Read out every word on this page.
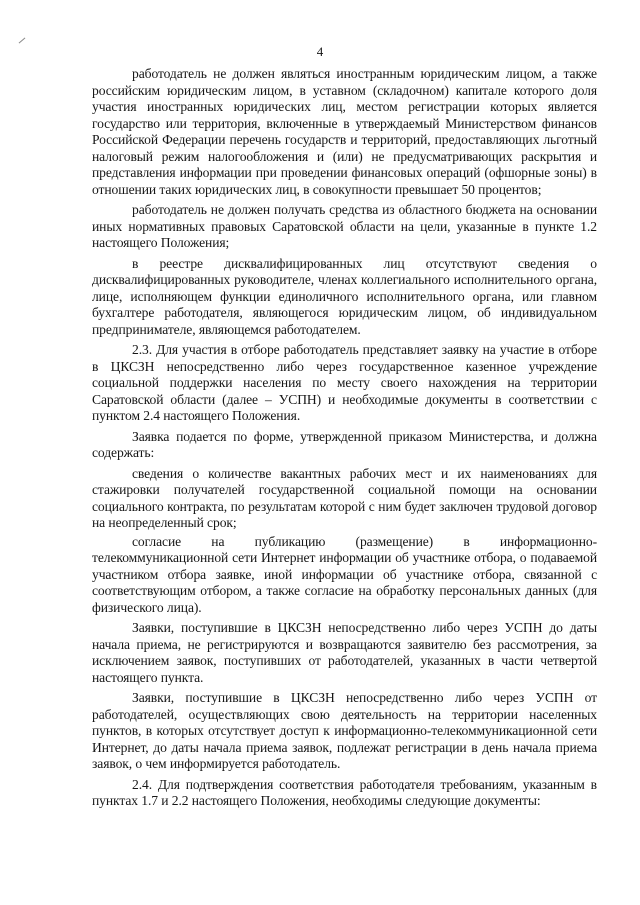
4

работодатель не должен являться иностранным юридическим лицом, а также российским юридическим лицом, в уставном (складочном) капитале которого доля участия иностранных юридических лиц, местом регистрации которых является государство или территория, включенные в утверждаемый Министерством финансов Российской Федерации перечень государств и территорий, предоставляющих льготный налоговый режим налогообложения и (или) не предусматривающих раскрытия и представления информации при проведении финансовых операций (офшорные зоны) в отношении таких юридических лиц, в совокупности превышает 50 процентов;

работодатель не должен получать средства из областного бюджета на основании иных нормативных правовых Саратовской области на цели, указанные в пункте 1.2 настоящего Положения;

в реестре дисквалифицированных лиц отсутствуют сведения о дисквалифицированных руководителе, членах коллегиального исполнительного органа, лице, исполняющем функции единоличного исполнительного органа, или главном бухгалтере работодателя, являющегося юридическим лицом, об индивидуальном предпринимателе, являющемся работодателем.

2.3. Для участия в отборе работодатель представляет заявку на участие в отборе в ЦКСЗН непосредственно либо через государственное казенное учреждение социальной поддержки населения по месту своего нахождения на территории Саратовской области (далее – УСПН) и необходимые документы в соответствии с пунктом 2.4 настоящего Положения.

Заявка подается по форме, утвержденной приказом Министерства, и должна содержать:

сведения о количестве вакантных рабочих мест и их наименованиях для стажировки получателей государственной социальной помощи на основании социального контракта, по результатам которой с ним будет заключен трудовой договор на неопределенный срок;

согласие на публикацию (размещение) в информационно-телекоммуникационной сети Интернет информации об участнике отбора, о подаваемой участником отбора заявке, иной информации об участнике отбора, связанной с соответствующим отбором, а также согласие на обработку персональных данных (для физического лица).

Заявки, поступившие в ЦКСЗН непосредственно либо через УСПН до даты начала приема, не регистрируются и возвращаются заявителю без рассмотрения, за исключением заявок, поступивших от работодателей, указанных в части четвертой настоящего пункта.

Заявки, поступившие в ЦКСЗН непосредственно либо через УСПН от работодателей, осуществляющих свою деятельность на территории населенных пунктов, в которых отсутствует доступ к информационно-телекоммуникационной сети Интернет, до даты начала приема заявок, подлежат регистрации в день начала приема заявок, о чем информируется работодатель.

2.4. Для подтверждения соответствия работодателя требованиям, указанным в пунктах 1.7 и 2.2 настоящего Положения, необходимы следующие документы:
